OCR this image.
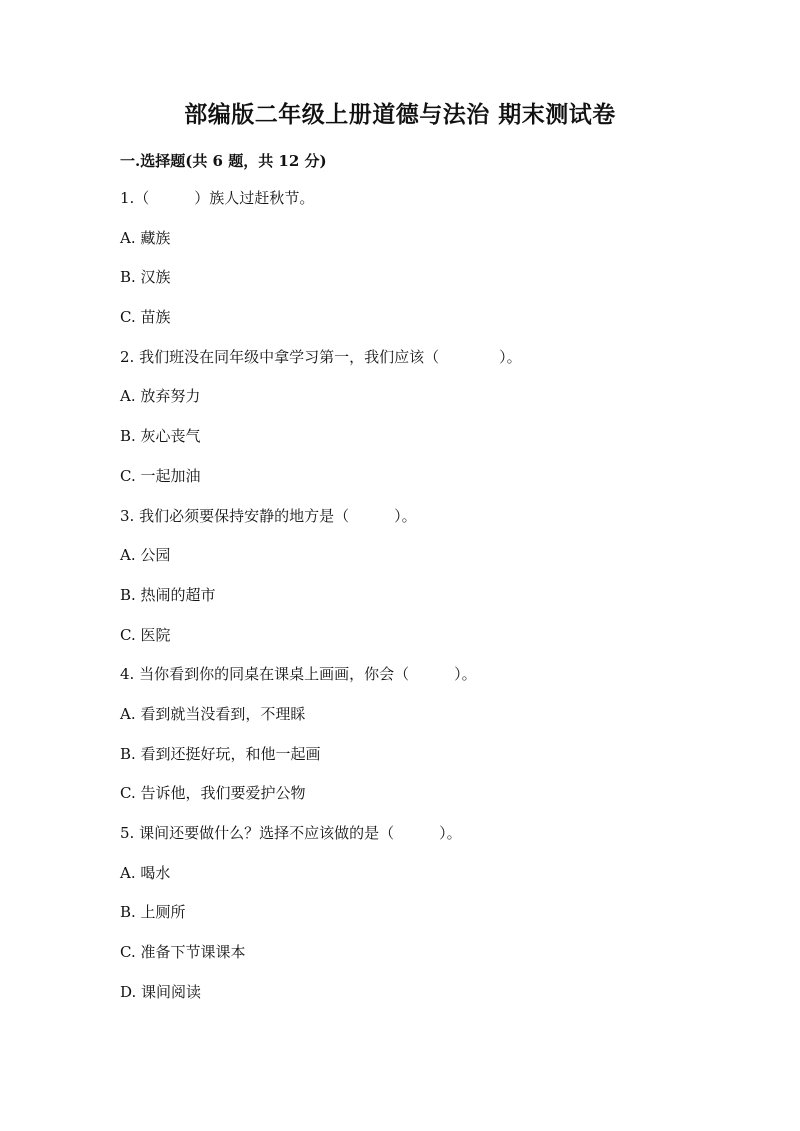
部编版二年级上册道德与法治 期末测试卷
一.选择题(共 6 题，共 12 分)
1.（　　　）族人过赶秋节。
A. 藏族
B. 汉族
C. 苗族
2. 我们班没在同年级中拿学习第一，我们应该（　　　　）。
A. 放弃努力
B. 灰心丧气
C. 一起加油
3. 我们必须要保持安静的地方是（　　　）。
A. 公园
B. 热闹的超市
C. 医院
4. 当你看到你的同桌在课桌上画画，你会（　　　）。
A. 看到就当没看到，不理睬
B. 看到还挺好玩，和他一起画
C. 告诉他，我们要爱护公物
5. 课间还要做什么？选择不应该做的是（　　　）。
A. 喝水
B. 上厕所
C. 准备下节课课本
D. 课间阅读
